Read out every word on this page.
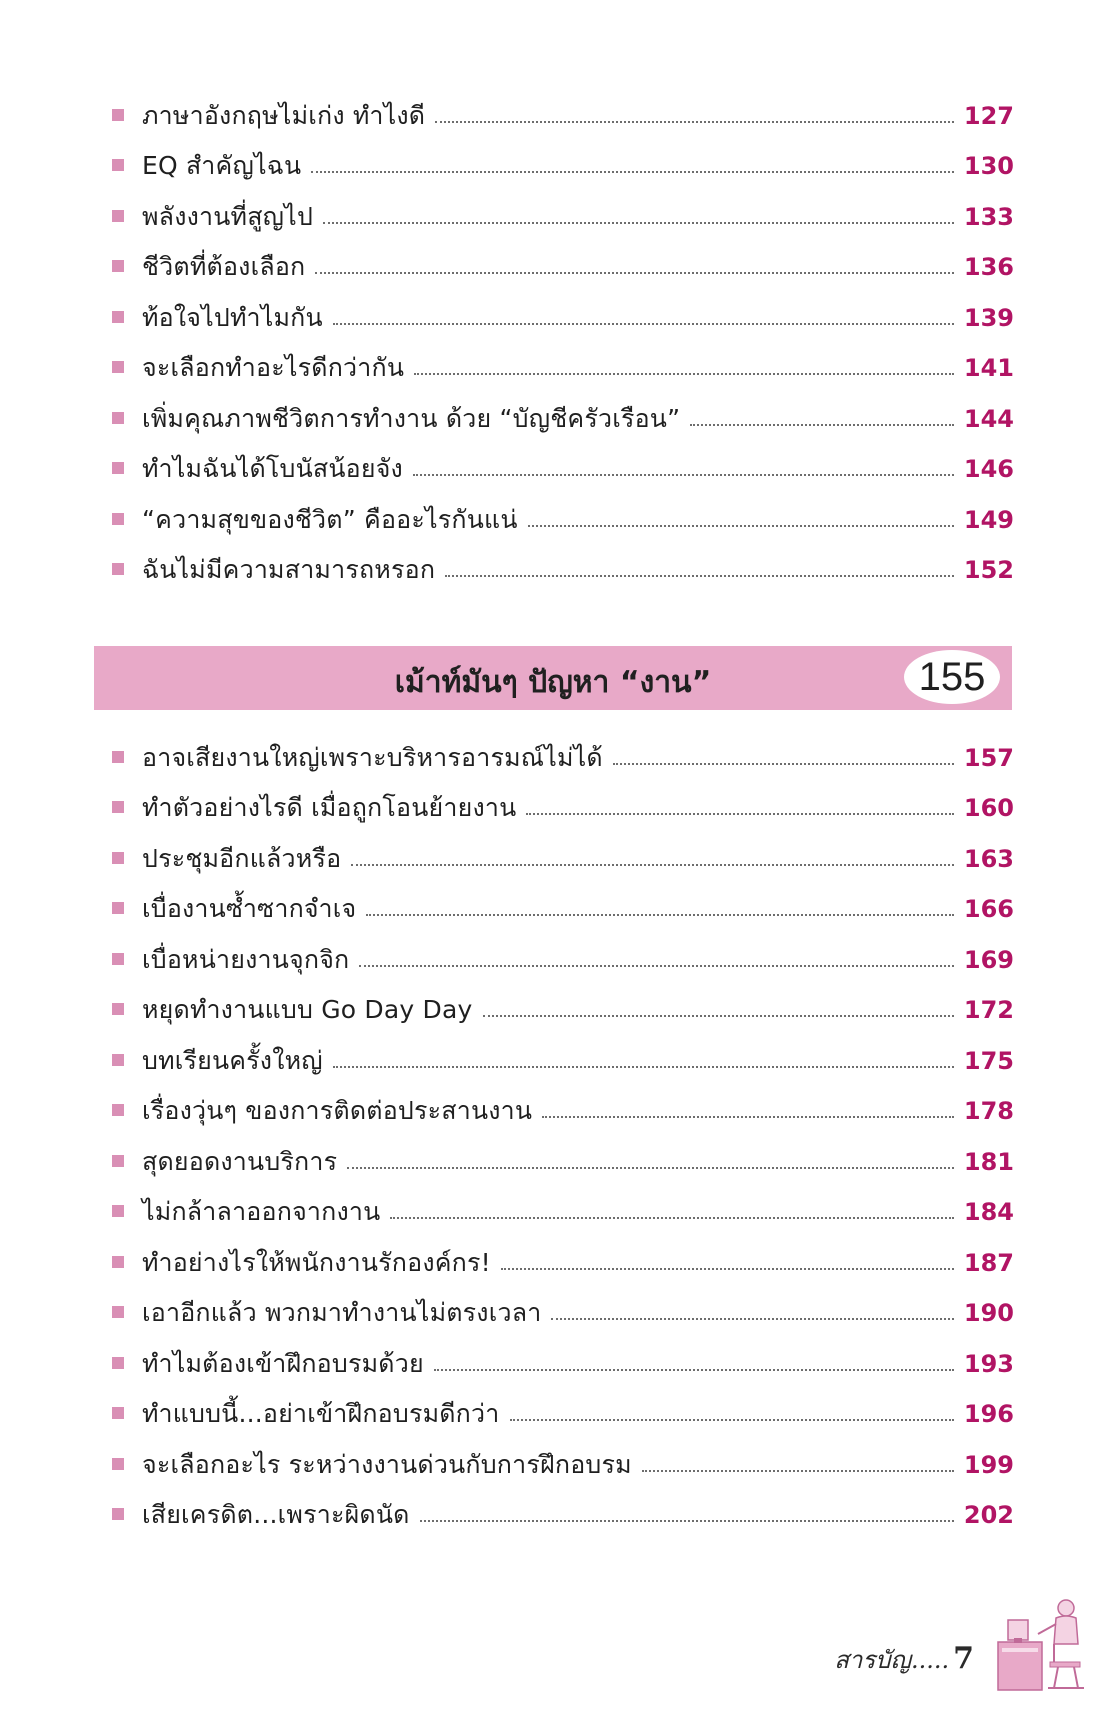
ภาษาอังกฤษไม่เก่ง ทำไงดี	127
EQ สำคัญไฉน	130
พลังงานที่สูญไป	133
ชีวิตที่ต้องเลือก	136
ท้อใจไปทำไมกัน	139
จะเลือกทำอะไรดีกว่ากัน	141
เพิ่มคุณภาพชีวิตการทำงาน ด้วย “บัญชีครัวเรือน”	144
ทำไมฉันได้โบนัสน้อยจัง	146
“ความสุขของชีวิต” คืออะไรกันแน่	149
ฉันไม่มีความสามารถหรอก	152
เม้าท์มันๆ ปัญหา “งาน”	155
อาจเสียงานใหญ่เพราะบริหารอารมณ์ไม่ได้	157
ทำตัวอย่างไรดี เมื่อถูกโอนย้ายงาน	160
ประชุมอีกแล้วหรือ	163
เบื่องานซ้ำซากจำเจ	166
เบื่อหน่ายงานจุกจิก	169
หยุดทำงานแบบ Go Day Day	172
บทเรียนครั้งใหญ่	175
เรื่องวุ่นๆ ของการติดต่อประสานงาน	178
สุดยอดงานบริการ	181
ไม่กล้าลาออกจากงาน	184
ทำอย่างไรให้พนักงานรักองค์กร!	187
เอาอีกแล้ว พวกมาทำงานไม่ตรงเวลา	190
ทำไมต้องเข้าฝึกอบรมด้วย	193
ทำแบบนี้...อย่าเข้าฝึกอบรมดีกว่า	196
จะเลือกอะไร ระหว่างงานด่วนกับการฝึกอบรม	199
เสียเครดิต...เพราะผิดนัด	202
สารบัญ..... 7
